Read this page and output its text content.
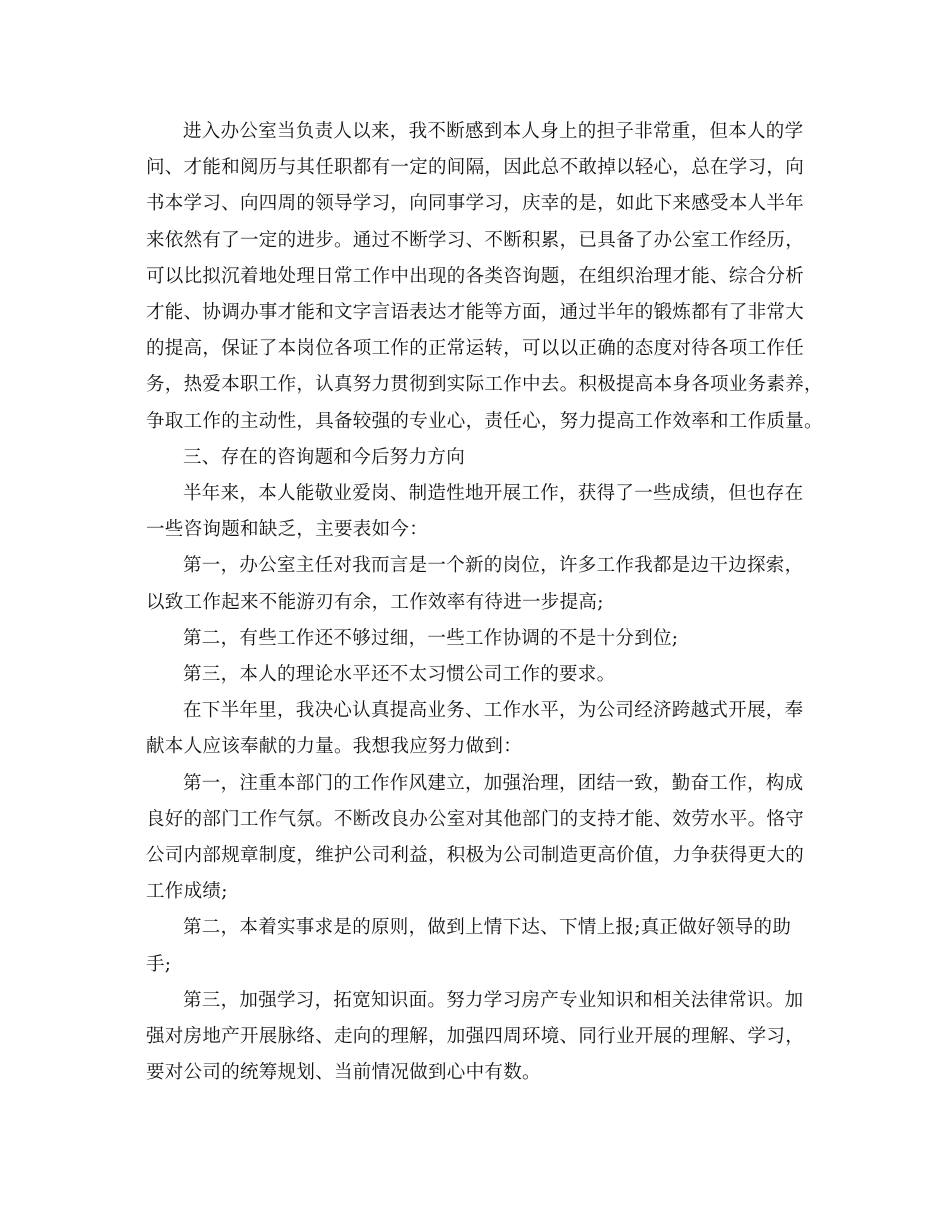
进入办公室当负责人以来，我不断感到本人身上的担子非常重，但本人的学
问、才能和阅历与其任职都有一定的间隔，因此总不敢掉以轻心，总在学习，向
书本学习、向四周的领导学习，向同事学习，庆幸的是，如此下来感受本人半年
来依然有了一定的进步。通过不断学习、不断积累，已具备了办公室工作经历，
可以比拟沉着地处理日常工作中出现的各类咨询题，在组织治理才能、综合分析
才能、协调办事才能和文字言语表达才能等方面，通过半年的锻炼都有了非常大
的提高，保证了本岗位各项工作的正常运转，可以以正确的态度对待各项工作任
务，热爱本职工作，认真努力贯彻到实际工作中去。积极提高本身各项业务素养，
争取工作的主动性，具备较强的专业心，责任心，努力提高工作效率和工作质量。

三、存在的咨询题和今后努力方向

半年来，本人能敬业爱岗、制造性地开展工作，获得了一些成绩，但也存在
一些咨询题和缺乏，主要表如今：

第一，办公室主任对我而言是一个新的岗位，许多工作我都是边干边探索，
以致工作起来不能游刃有余，工作效率有待进一步提高;

第二，有些工作还不够过细，一些工作协调的不是十分到位;

第三，本人的理论水平还不太习惯公司工作的要求。

在下半年里，我决心认真提高业务、工作水平，为公司经济跨越式开展，奉
献本人应该奉献的力量。我想我应努力做到：

第一，注重本部门的工作作风建立，加强治理，团结一致，勤奋工作，构成
良好的部门工作气氛。不断改良办公室对其他部门的支持才能、效劳水平。恪守
公司内部规章制度，维护公司利益，积极为公司制造更高价值，力争获得更大的
工作成绩;

第二，本着实事求是的原则，做到上情下达、下情上报;真正做好领导的助
手;

第三，加强学习，拓宽知识面。努力学习房产专业知识和相关法律常识。加
强对房地产开展脉络、走向的理解，加强四周环境、同行业开展的理解、学习，
要对公司的统筹规划、当前情况做到心中有数。
